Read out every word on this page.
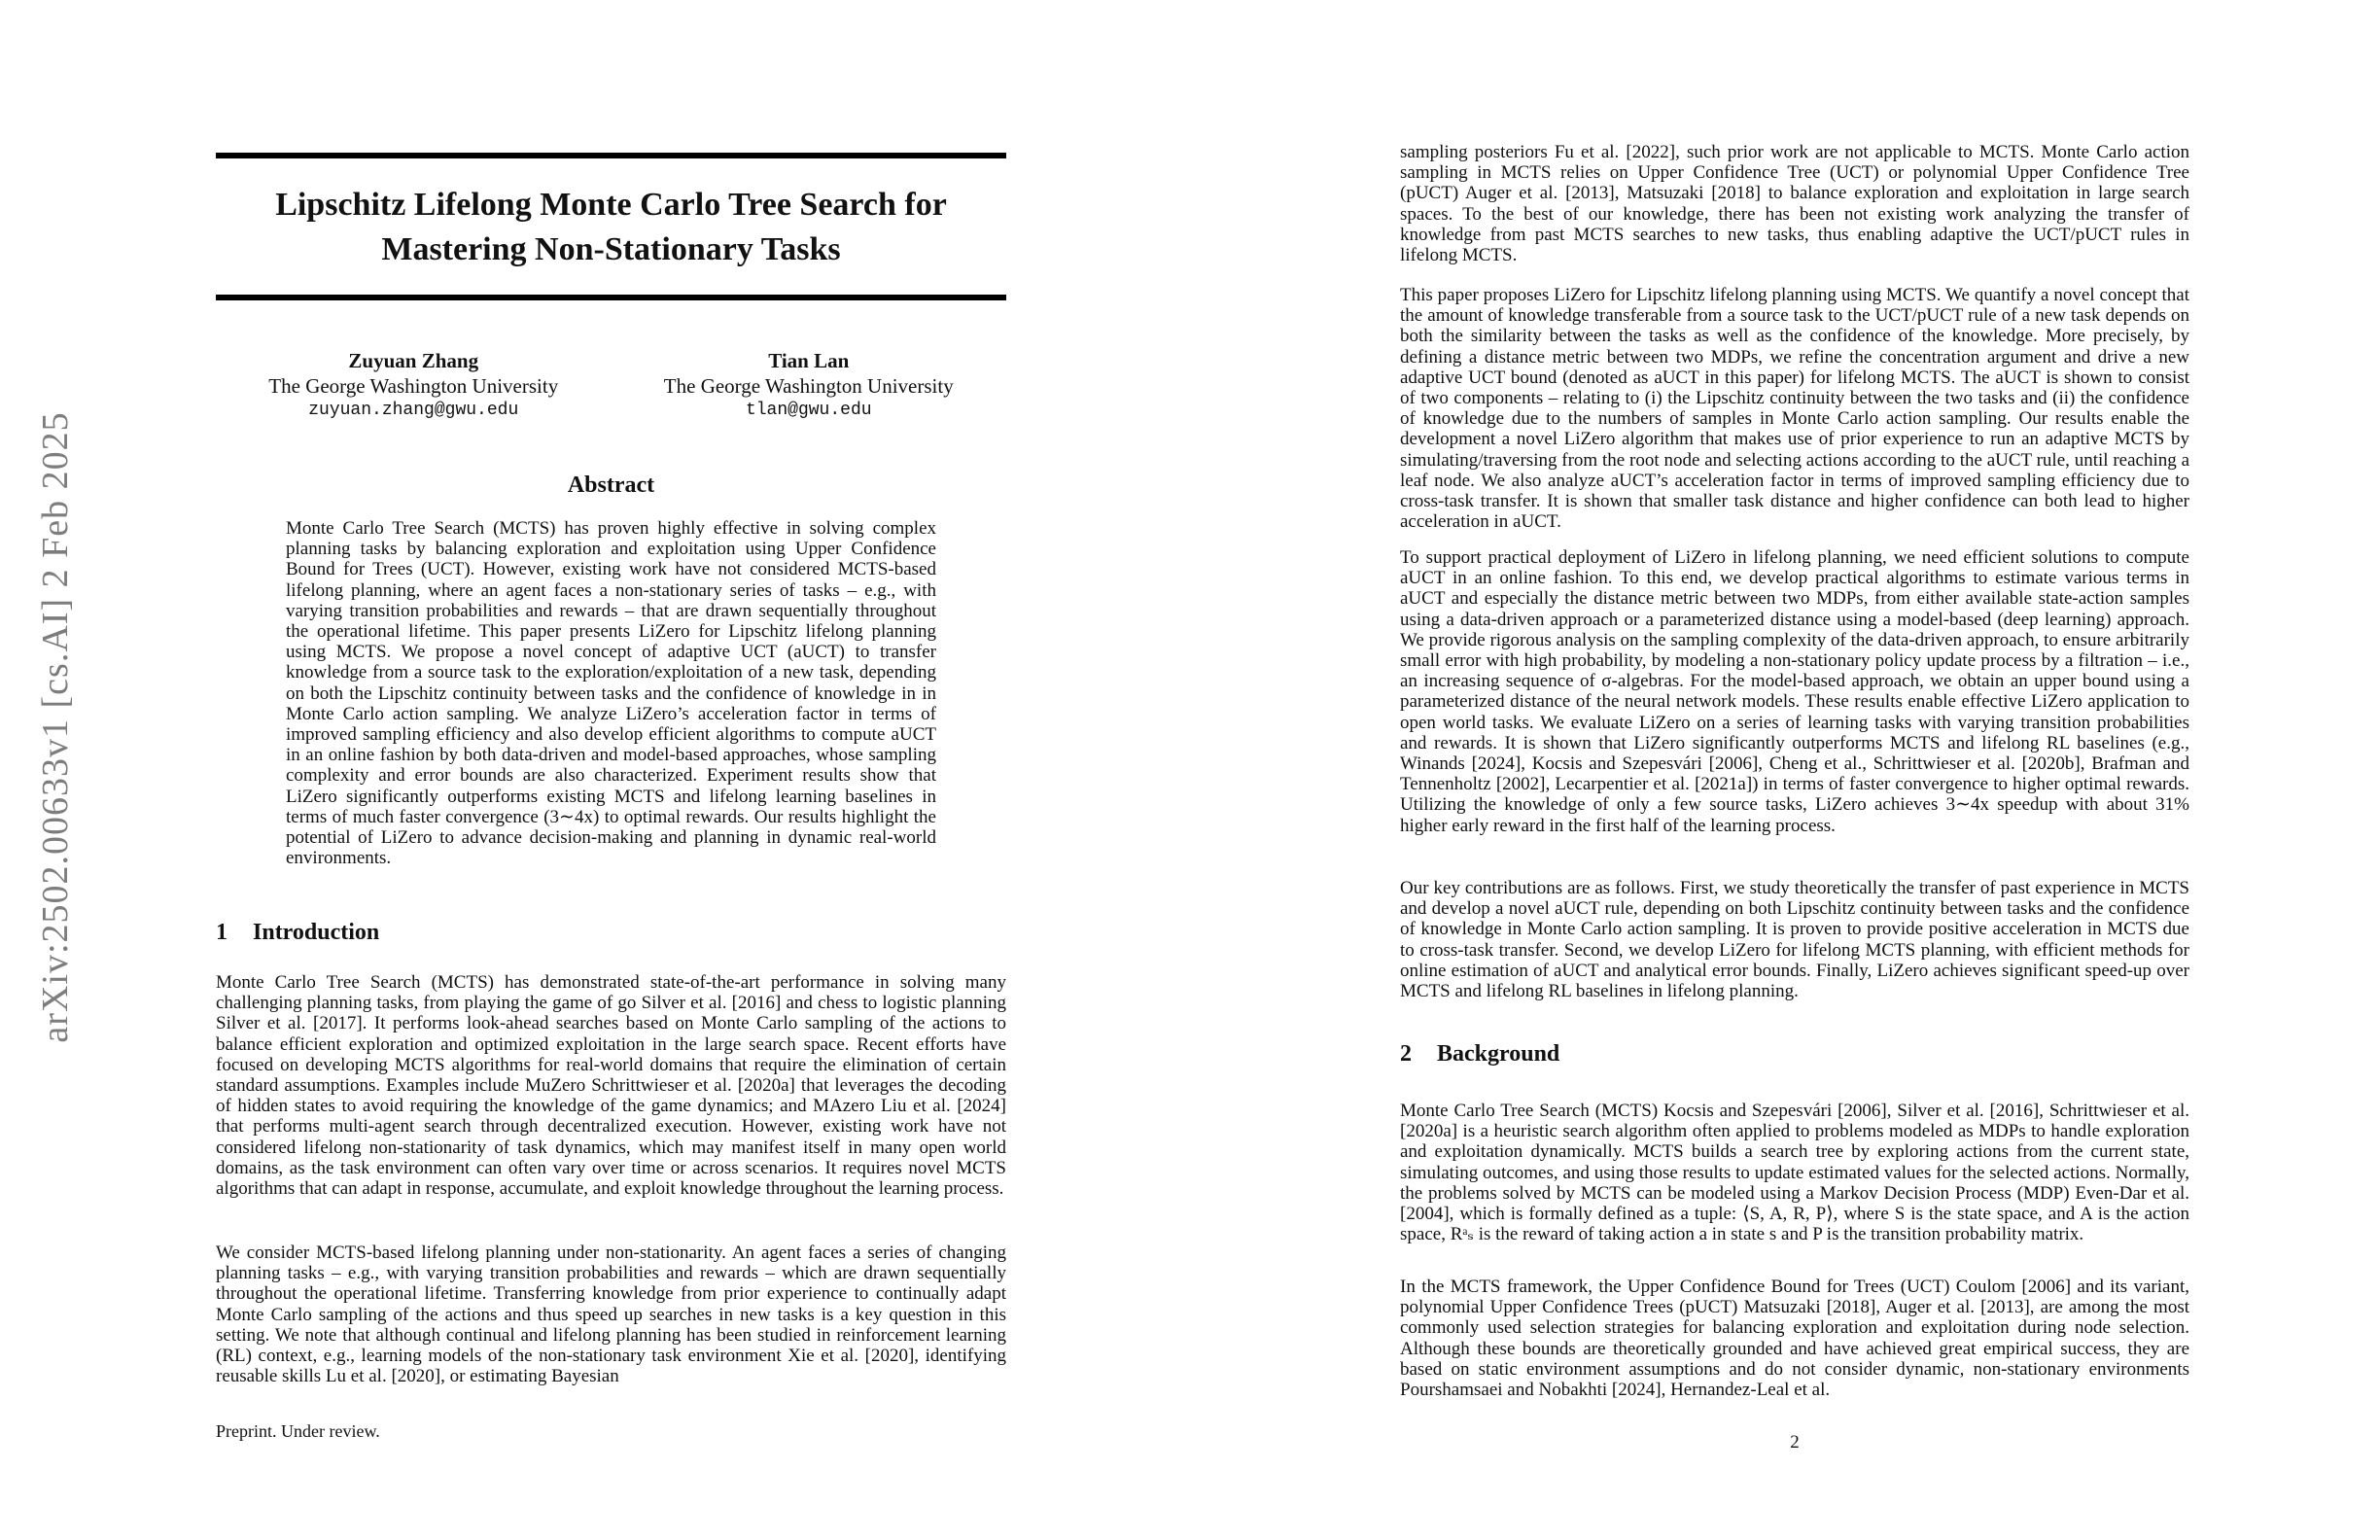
arXiv:2502.00633v1 [cs.AI] 2 Feb 2025
Lipschitz Lifelong Monte Carlo Tree Search for
Mastering Non-Stationary Tasks
Zuyuan Zhang
The George Washington University
zuyuan.zhang@gwu.edu
Tian Lan
The George Washington University
tlan@gwu.edu
Abstract
Monte Carlo Tree Search (MCTS) has proven highly effective in solving complex planning tasks by balancing exploration and exploitation using Upper Confidence Bound for Trees (UCT). However, existing work have not considered MCTS-based lifelong planning, where an agent faces a non-stationary series of tasks – e.g., with varying transition probabilities and rewards – that are drawn sequentially throughout the operational lifetime. This paper presents LiZero for Lipschitz lifelong planning using MCTS. We propose a novel concept of adaptive UCT (aUCT) to transfer knowledge from a source task to the exploration/exploitation of a new task, depending on both the Lipschitz continuity between tasks and the confidence of knowledge in in Monte Carlo action sampling. We analyze LiZero’s acceleration factor in terms of improved sampling efficiency and also develop efficient algorithms to compute aUCT in an online fashion by both data-driven and model-based approaches, whose sampling complexity and error bounds are also characterized. Experiment results show that LiZero significantly outperforms existing MCTS and lifelong learning baselines in terms of much faster convergence (3∼4x) to optimal rewards. Our results highlight the potential of LiZero to advance decision-making and planning in dynamic real-world environments.
1 Introduction
Monte Carlo Tree Search (MCTS) has demonstrated state-of-the-art performance in solving many challenging planning tasks, from playing the game of go Silver et al. [2016] and chess to logistic planning Silver et al. [2017]. It performs look-ahead searches based on Monte Carlo sampling of the actions to balance efficient exploration and optimized exploitation in the large search space. Recent efforts have focused on developing MCTS algorithms for real-world domains that require the elimination of certain standard assumptions. Examples include MuZero Schrittwieser et al. [2020a] that leverages the decoding of hidden states to avoid requiring the knowledge of the game dynamics; and MAzero Liu et al. [2024] that performs multi-agent search through decentralized execution. However, existing work have not considered lifelong non-stationarity of task dynamics, which may manifest itself in many open world domains, as the task environment can often vary over time or across scenarios. It requires novel MCTS algorithms that can adapt in response, accumulate, and exploit knowledge throughout the learning process.
We consider MCTS-based lifelong planning under non-stationarity. An agent faces a series of changing planning tasks – e.g., with varying transition probabilities and rewards – which are drawn sequentially throughout the operational lifetime. Transferring knowledge from prior experience to continually adapt Monte Carlo sampling of the actions and thus speed up searches in new tasks is a key question in this setting. We note that although continual and lifelong planning has been studied in reinforcement learning (RL) context, e.g., learning models of the non-stationary task environment Xie et al. [2020], identifying reusable skills Lu et al. [2020], or estimating Bayesian
Preprint. Under review.
sampling posteriors Fu et al. [2022], such prior work are not applicable to MCTS. Monte Carlo action sampling in MCTS relies on Upper Confidence Tree (UCT) or polynomial Upper Confidence Tree (pUCT) Auger et al. [2013], Matsuzaki [2018] to balance exploration and exploitation in large search spaces. To the best of our knowledge, there has been not existing work analyzing the transfer of knowledge from past MCTS searches to new tasks, thus enabling adaptive the UCT/pUCT rules in lifelong MCTS.
This paper proposes LiZero for Lipschitz lifelong planning using MCTS. We quantify a novel concept that the amount of knowledge transferable from a source task to the UCT/pUCT rule of a new task depends on both the similarity between the tasks as well as the confidence of the knowledge. More precisely, by defining a distance metric between two MDPs, we refine the concentration argument and drive a new adaptive UCT bound (denoted as aUCT in this paper) for lifelong MCTS. The aUCT is shown to consist of two components – relating to (i) the Lipschitz continuity between the two tasks and (ii) the confidence of knowledge due to the numbers of samples in Monte Carlo action sampling. Our results enable the development a novel LiZero algorithm that makes use of prior experience to run an adaptive MCTS by simulating/traversing from the root node and selecting actions according to the aUCT rule, until reaching a leaf node. We also analyze aUCT’s acceleration factor in terms of improved sampling efficiency due to cross-task transfer. It is shown that smaller task distance and higher confidence can both lead to higher acceleration in aUCT.
To support practical deployment of LiZero in lifelong planning, we need efficient solutions to compute aUCT in an online fashion. To this end, we develop practical algorithms to estimate various terms in aUCT and especially the distance metric between two MDPs, from either available state-action samples using a data-driven approach or a parameterized distance using a model-based (deep learning) approach. We provide rigorous analysis on the sampling complexity of the data-driven approach, to ensure arbitrarily small error with high probability, by modeling a non-stationary policy update process by a filtration – i.e., an increasing sequence of σ-algebras. For the model-based approach, we obtain an upper bound using a parameterized distance of the neural network models. These results enable effective LiZero application to open world tasks. We evaluate LiZero on a series of learning tasks with varying transition probabilities and rewards. It is shown that LiZero significantly outperforms MCTS and lifelong RL baselines (e.g., Winands [2024], Kocsis and Szepesvári [2006], Cheng et al., Schrittwieser et al. [2020b], Brafman and Tennenholtz [2002], Lecarpentier et al. [2021a]) in terms of faster convergence to higher optimal rewards. Utilizing the knowledge of only a few source tasks, LiZero achieves 3∼4x speedup with about 31% higher early reward in the first half of the learning process.
Our key contributions are as follows. First, we study theoretically the transfer of past experience in MCTS and develop a novel aUCT rule, depending on both Lipschitz continuity between tasks and the confidence of knowledge in Monte Carlo action sampling. It is proven to provide positive acceleration in MCTS due to cross-task transfer. Second, we develop LiZero for lifelong MCTS planning, with efficient methods for online estimation of aUCT and analytical error bounds. Finally, LiZero achieves significant speed-up over MCTS and lifelong RL baselines in lifelong planning.
2 Background
Monte Carlo Tree Search (MCTS) Kocsis and Szepesvári [2006], Silver et al. [2016], Schrittwieser et al. [2020a] is a heuristic search algorithm often applied to problems modeled as MDPs to handle exploration and exploitation dynamically. MCTS builds a search tree by exploring actions from the current state, simulating outcomes, and using those results to update estimated values for the selected actions. Normally, the problems solved by MCTS can be modeled using a Markov Decision Process (MDP) Even-Dar et al. [2004], which is formally defined as a tuple: ⟨S, A, R, P⟩, where S is the state space, and A is the action space, Rᵃₛ is the reward of taking action a in state s and P is the transition probability matrix.
In the MCTS framework, the Upper Confidence Bound for Trees (UCT) Coulom [2006] and its variant, polynomial Upper Confidence Trees (pUCT) Matsuzaki [2018], Auger et al. [2013], are among the most commonly used selection strategies for balancing exploration and exploitation during node selection. Although these bounds are theoretically grounded and have achieved great empirical success, they are based on static environment assumptions and do not consider dynamic, non-stationary environments Pourshamsaei and Nobakhti [2024], Hernandez-Leal et al.
2
